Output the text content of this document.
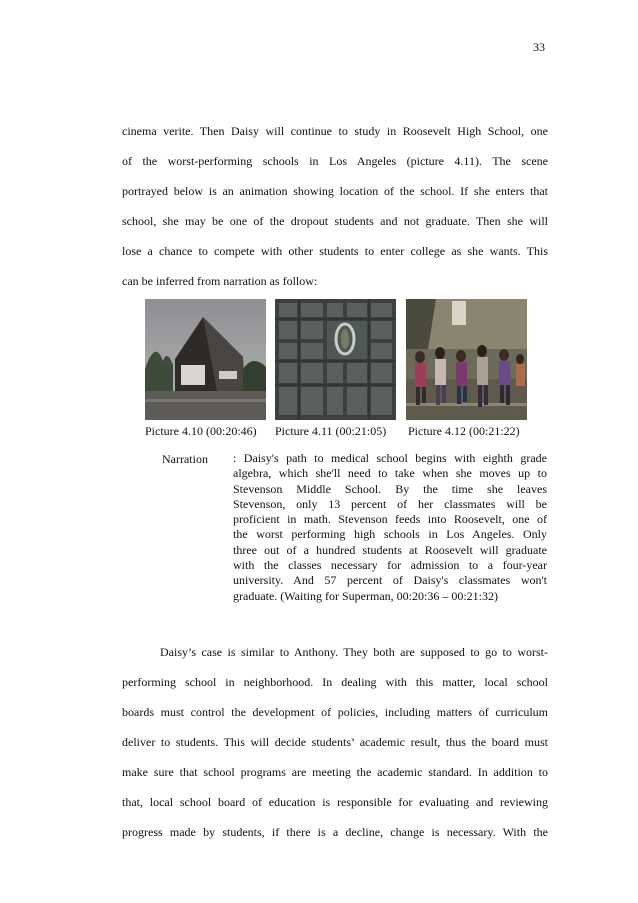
33
cinema verite. Then Daisy will continue to study in Roosevelt High School, one
of the worst-performing schools in Los Angeles (picture 4.11). The scene
portrayed below is an animation showing location of the school. If she enters that
school, she may be one of the dropout students and not graduate. Then she will
lose a chance to compete with other students to enter college as she wants. This
can be inferred from narration as follow:
Picture 4.10 (00:20:46) Picture 4.11 (00:21:05) Picture 4.12 (00:21:22)
Narration : Daisy's path to medical school begins with eighth grade
algebra, which she'll need to take when she moves up to
Stevenson Middle School. By the time she leaves
Stevenson, only 13 percent of her classmates will be
proficient in math. Stevenson feeds into Roosevelt, one of
the worst performing high schools in Los Angeles. Only
three out of a hundred students at Roosevelt will graduate
with the classes necessary for admission to a four-year
university. And 57 percent of Daisy's classmates won't
graduate. (Waiting for Superman, 00:20:36 – 00:21:32)
Daisy’s case is similar to Anthony. They both are supposed to go to worst-
performing school in neighborhood. In dealing with this matter, local school
boards must control the development of policies, including matters of curriculum
deliver to students. This will decide students’ academic result, thus the board must
make sure that school programs are meeting the academic standard. In addition to
that, local school board of education is responsible for evaluating and reviewing
progress made by students, if there is a decline, change is necessary. With the
